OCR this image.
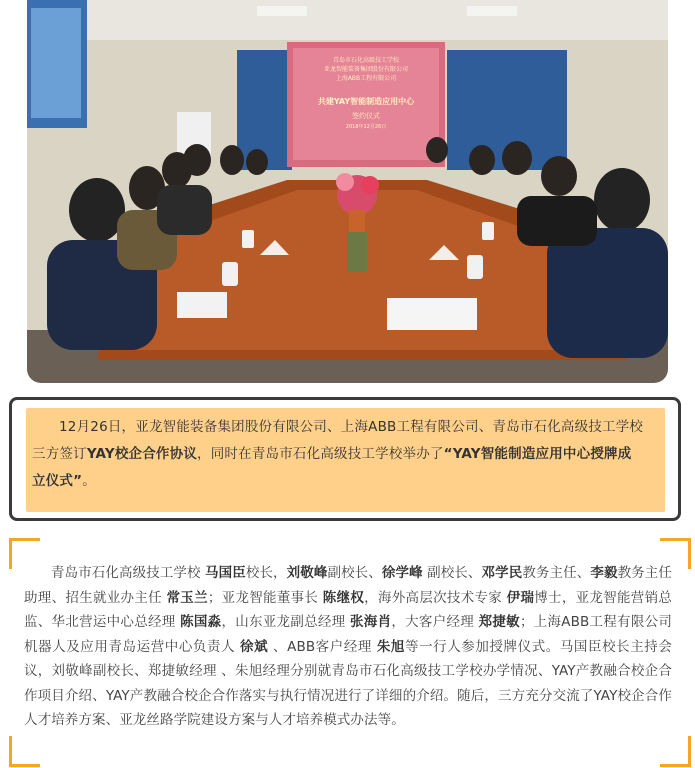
青岛市石化高级技工学校
亚龙智能装备集团股份有限公司
上海ABB工程有限公司
共建YAY智能制造应用中心
签约仪式
2018年12月26日

12月26日，亚龙智能装备集团股份有限公司、上海ABB工程有限公司、青岛市石化高级技工学校三方签订YAY校企合作协议，同时在青岛市石化高级技工学校举办了“YAY智能制造应用中心授牌成立仪式”。

青岛市石化高级技工学校 马国臣校长，刘敬峰副校长、徐学峰 副校长、邓学民教务主任、李毅教务主任助理、招生就业办主任 常玉兰；亚龙智能董事长 陈继权，海外高层次技术专家 伊瑞博士，亚龙智能营销总监、华北营运中心总经理 陈国淼，山东亚龙副总经理 张海肖，大客户经理 郑捷敏；上海ABB工程有限公司机器人及应用青岛运营中心负责人 徐斌 、ABB客户经理 朱旭等一行人参加授牌仪式。马国臣校长主持会议，刘敬峰副校长、郑捷敏经理 、朱旭经理分别就青岛市石化高级技工学校办学情况、YAY产教融合校企合作项目介绍、YAY产教融合校企合作落实与执行情况进行了详细的介绍。随后，三方充分交流了YAY校企合作人才培养方案、亚龙丝路学院建设方案与人才培养模式办法等。
